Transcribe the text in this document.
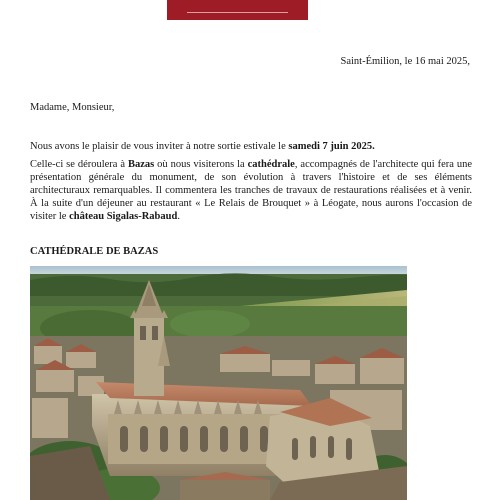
Saint-Émilion, le 16 mai 2025,
Madame, Monsieur,
Nous avons le plaisir de vous inviter à notre sortie estivale le samedi 7 juin 2025.
Celle-ci se déroulera à Bazas où nous visiterons la cathédrale, accompagnés de l'architecte qui fera une présentation générale du monument, de son évolution à travers l'histoire et de ses éléments architecturaux remarquables. Il commentera les tranches de travaux de restaurations réalisées et à venir. À la suite d'un déjeuner au restaurant « Le Relais de Brouquet » à Léogate, nous aurons l'occasion de visiter le château Sigalas-Rabaud.
CATHÉDRALE DE BAZAS
